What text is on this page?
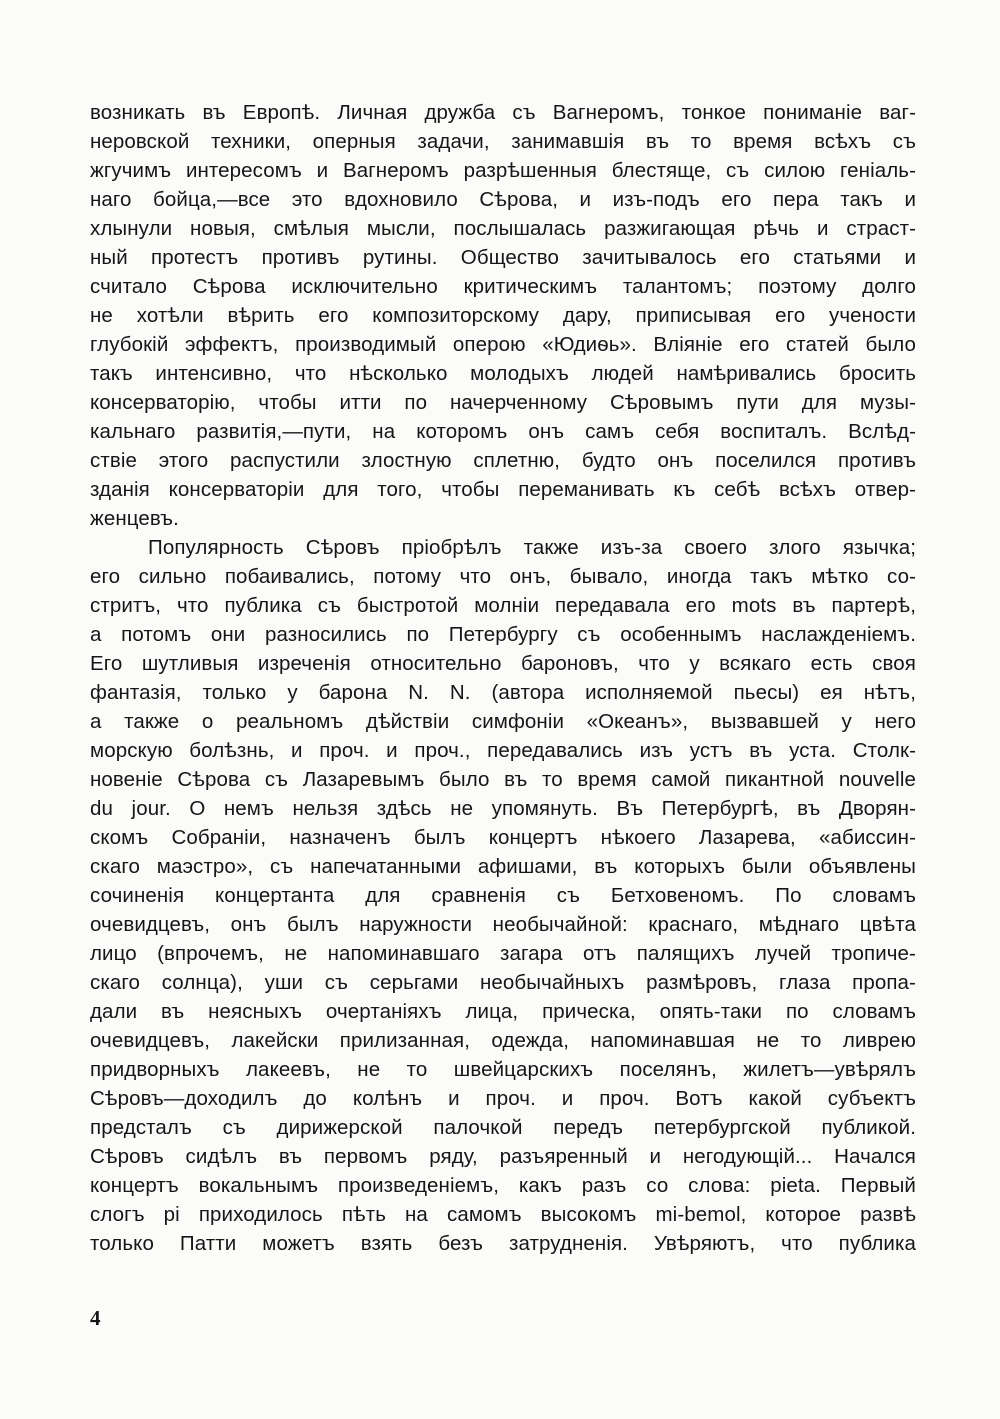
возникать въ Европѣ. Личная дружба съ Вагнеромъ, тонкое пониманіе ваг-
неровской техники, оперныя задачи, занимавшія въ то время всѣхъ съ
жгучимъ интересомъ и Вагнеромъ разрѣшенныя блестяще, съ силою геніаль-
наго бойца,—все это вдохновило Сѣрова, и изъ-подъ его пера такъ и
хлынули новыя, смѣлыя мысли, послышалась разжигающая рѣчь и страст-
ный протестъ противъ рутины. Общество зачитывалось его статьями и
считало Сѣрова исключительно критическимъ талантомъ; поэтому долго
не хотѣли вѣрить его композиторскому дару, приписывая его учености
глубокій эффектъ, производимый оперою «Юдиѳь». Вліяніе его статей было
такъ интенсивно, что нѣсколько молодыхъ людей намѣривались бросить
консерваторію, чтобы итти по начерченному Сѣровымъ пути для музы-
кальнаго развитія,—пути, на которомъ онъ самъ себя воспиталъ. Вслѣд-
ствіе этого распустили злостную сплетню, будто онъ поселился противъ
зданія консерваторіи для того, чтобы переманивать къ себѣ всѣхъ отвер-
женцевъ.
Популярность Сѣровъ пріобрѣлъ также изъ-за своего злого язычка;
его сильно побаивались, потому что онъ, бывало, иногда такъ мѣтко со-
стритъ, что публика съ быстротой молніи передавала его mots въ партерѣ,
а потомъ они разносились по Петербургу съ особеннымъ наслажденіемъ.
Его шутливыя изреченія относительно барoновъ, что у всякаго есть своя
фантазія, только у барона N. N. (автора исполняемой пьесы) ея нѣтъ,
а также о реальномъ дѣйствіи симфоніи «Океанъ», вызвавшей у него
морскую болѣзнь, и проч. и проч., передавались изъ устъ въ уста. Столк-
новеніе Сѣрова съ Лазаревымъ было въ то время самой пикантной nouvelle
du jour. О немъ нельзя здѣсь не упомянуть. Въ Петербургѣ, въ Дворян-
скомъ Собраніи, назначенъ былъ концертъ нѣкоего Лазарева, «абиссин-
скаго маэстро», съ напечатанными афишами, въ которыхъ были объявлены
сочиненія концертанта для сравненія съ Бетховеномъ. По словамъ
очевидцевъ, онъ былъ наружности необычайной: краснаго, мѣднаго цвѣта
лицо (впрочемъ, не напоминавшаго загара отъ палящихъ лучей тропиче-
скаго солнца), уши съ серьгами необычайныхъ размѣровъ, глаза пропа-
дали въ неясныхъ очертаніяхъ лица, прическа, опять-таки по словамъ
очевидцевъ, лакейски прилизанная, одежда, напоминавшая не то ливрею
придворныхъ лакеевъ, не то швейцарскихъ поселянъ, жилетъ—увѣрялъ
Сѣровъ—доходилъ до колѣнъ и проч. и проч. Вотъ какой субъектъ
предсталъ съ дирижерской палочкой передъ петербургской публикой.
Сѣровъ сидѣлъ въ первомъ ряду, разъяренный и негодующій... Начался
концертъ вокальнымъ произведеніемъ, какъ разъ со слова: pieta. Первый
слогъ pi приходилось пѣть на самомъ высокомъ mi-bemol, которое развѣ
только Патти можетъ взять безъ затрудненія. Увѣряютъ, что публика
4
